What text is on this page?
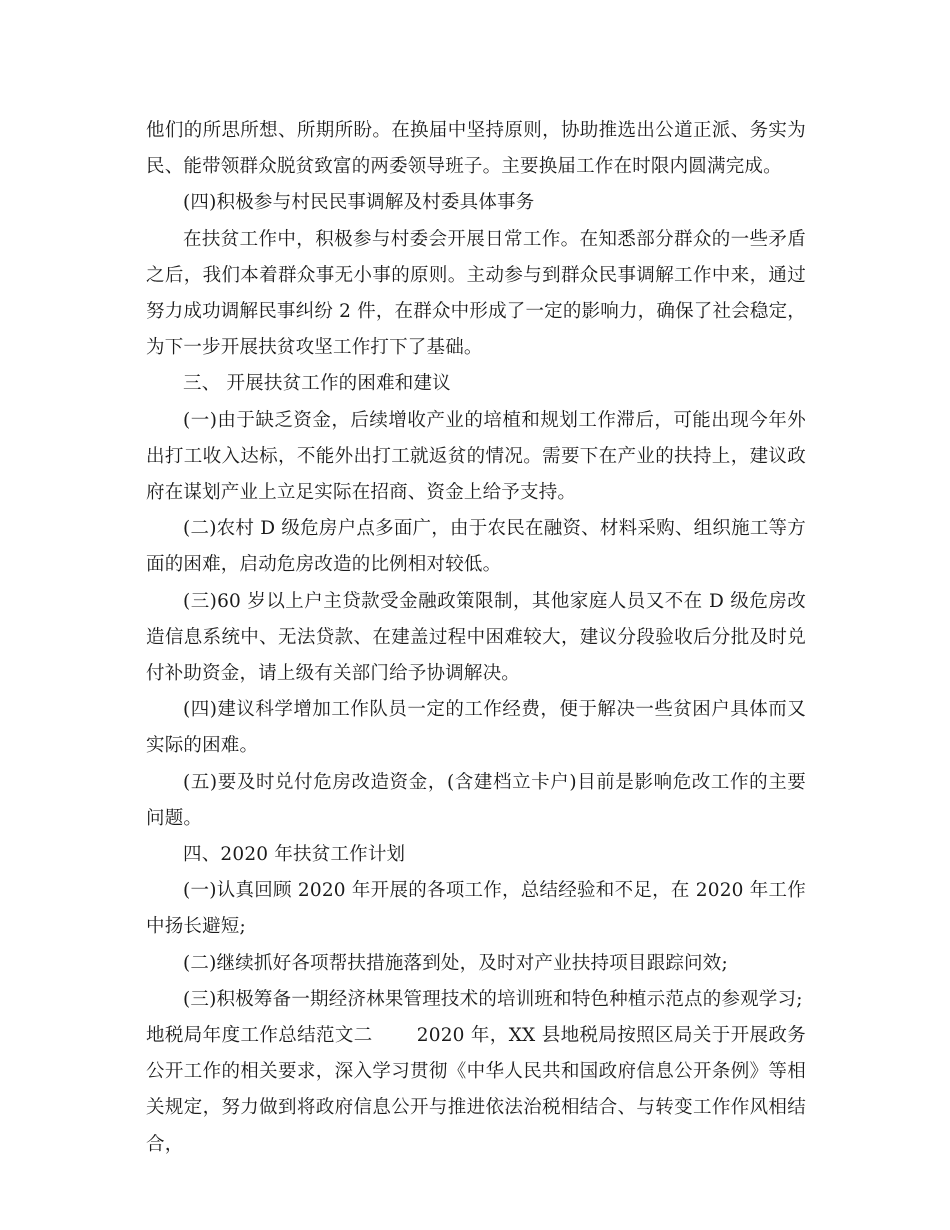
他们的所思所想、所期所盼。在换届中坚持原则，协助推选出公道正派、务实为民、能带领群众脱贫致富的两委领导班子。主要换届工作在时限内圆满完成。

(四)积极参与村民民事调解及村委具体事务

在扶贫工作中，积极参与村委会开展日常工作。在知悉部分群众的一些矛盾之后，我们本着群众事无小事的原则。主动参与到群众民事调解工作中来，通过努力成功调解民事纠纷 2 件，在群众中形成了一定的影响力，确保了社会稳定，为下一步开展扶贫攻坚工作打下了基础。

三、 开展扶贫工作的困难和建议

(一)由于缺乏资金，后续增收产业的培植和规划工作滞后，可能出现今年外出打工收入达标，不能外出打工就返贫的情况。需要下在产业的扶持上，建议政府在谋划产业上立足实际在招商、资金上给予支持。

(二)农村 D 级危房户点多面广，由于农民在融资、材料采购、组织施工等方面的困难，启动危房改造的比例相对较低。

(三)60 岁以上户主贷款受金融政策限制，其他家庭人员又不在 D 级危房改造信息系统中、无法贷款、在建盖过程中困难较大，建议分段验收后分批及时兑付补助资金，请上级有关部门给予协调解决。

(四)建议科学增加工作队员一定的工作经费，便于解决一些贫困户具体而又实际的困难。

(五)要及时兑付危房改造资金，(含建档立卡户)目前是影响危改工作的主要问题。

四、2020 年扶贫工作计划

(一)认真回顾 2020 年开展的各项工作，总结经验和不足，在 2020 年工作中扬长避短;

(二)继续抓好各项帮扶措施落到处，及时对产业扶持项目跟踪问效;

(三)积极筹备一期经济林果管理技术的培训班和特色种植示范点的参观学习;

地税局年度工作总结范文二　　 2020 年，XX 县地税局按照区局关于开展政务公开工作的相关要求，深入学习贯彻《中华人民共和国政府信息公开条例》等相关规定，努力做到将政府信息公开与推进依法治税相结合、与转变工作作风相结合，
